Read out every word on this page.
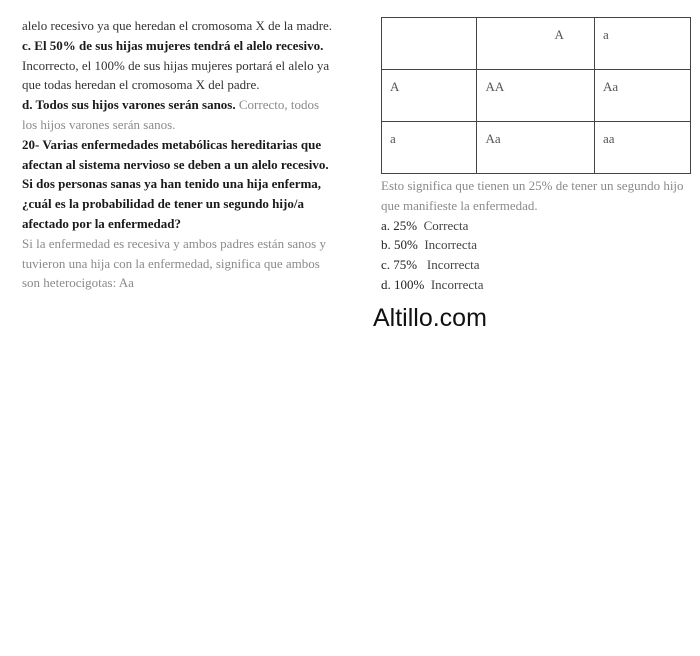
alelo recesivo ya que heredan el cromosoma X de la madre.

c. El 50% de sus hijas mujeres tendrá el alelo recesivo. Incorrecto, el 100% de sus hijas mujeres portará el alelo ya que todas heredan el cromosoma X del padre.

d. Todos sus hijos varones serán sanos. Correcto, todos los hijos varones serán sanos.

20- Varias enfermedades metabólicas hereditarias que afectan al sistema nervioso se deben a un alelo recesivo. Si dos personas sanas ya han tenido una hija enferma, ¿cuál es la probabilidad de tener un segundo hijo/a afectado por la enfermedad?

Si la enfermedad es recesiva y ambos padres están sanos y tuvieron una hija con la enfermedad, significa que ambos son heterocigotas: Aa

	A	a
A	AA	Aa
a	Aa	aa

Esto significa que tienen un 25% de tener un segundo hijo que manifieste la enfermedad.

a. 25%  Correcta
b. 50%  Incorrecta
c. 75%   Incorrecta
d. 100%  Incorrecta
Altillo.com
